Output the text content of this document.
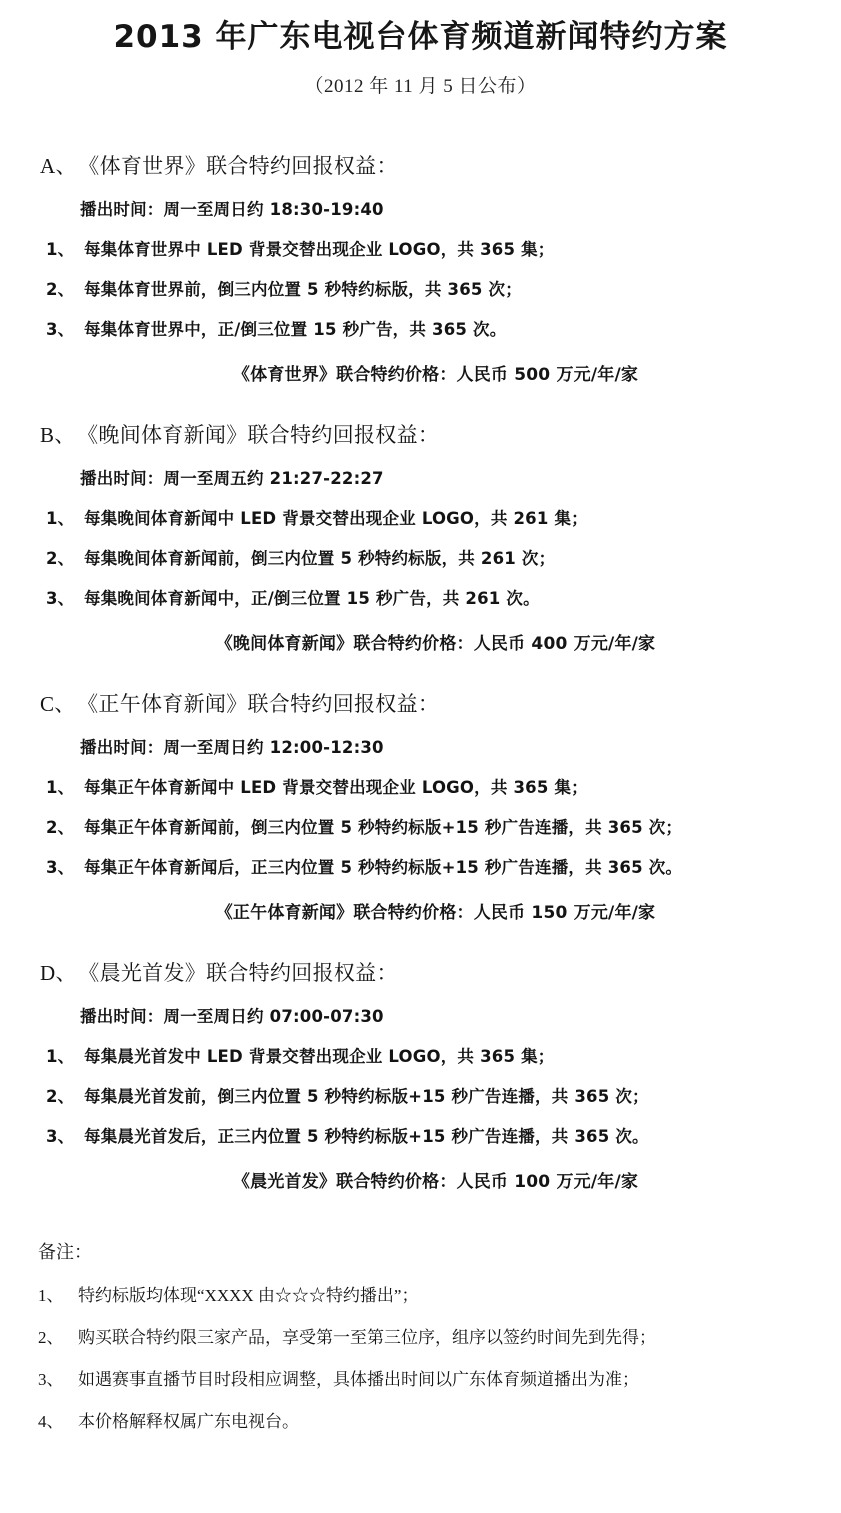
2013 年广东电视台体育频道新闻特约方案
（2012 年 11 月 5 日公布）
A、 《体育世界》联合特约回报权益：
播出时间：周一至周日约 18:30-19:40
1、 每集体育世界中 LED 背景交替出现企业 LOGO，共 365 集；
2、 每集体育世界前，倒三内位置 5 秒特约标版，共 365 次；
3、 每集体育世界中，正/倒三位置 15 秒广告，共 365 次。
《体育世界》联合特约价格：人民币 500 万元/年/家
B、 《晚间体育新闻》联合特约回报权益：
播出时间：周一至周五约 21:27-22:27
1、 每集晚间体育新闻中 LED 背景交替出现企业 LOGO，共 261 集；
2、 每集晚间体育新闻前，倒三内位置 5 秒特约标版，共 261 次；
3、 每集晚间体育新闻中，正/倒三位置 15 秒广告，共 261 次。
《晚间体育新闻》联合特约价格：人民币 400 万元/年/家
C、 《正午体育新闻》联合特约回报权益：
播出时间：周一至周日约 12:00-12:30
1、 每集正午体育新闻中 LED 背景交替出现企业 LOGO，共 365 集；
2、 每集正午体育新闻前，倒三内位置 5 秒特约标版+15 秒广告连播，共 365 次；
3、 每集正午体育新闻后，正三内位置 5 秒特约标版+15 秒广告连播，共 365 次。
《正午体育新闻》联合特约价格：人民币 150 万元/年/家
D、 《晨光首发》联合特约回报权益：
播出时间：周一至周日约 07:00-07:30
1、 每集晨光首发中 LED 背景交替出现企业 LOGO，共 365 集；
2、 每集晨光首发前，倒三内位置 5 秒特约标版+15 秒广告连播，共 365 次；
3、 每集晨光首发后，正三内位置 5 秒特约标版+15 秒广告连播，共 365 次。
《晨光首发》联合特约价格：人民币 100 万元/年/家
备注：
1、 特约标版均体现“XXXX 由☆☆☆特约播出”；
2、 购买联合特约限三家产品，享受第一至第三位序，组序以签约时间先到先得；
3、 如遇赛事直播节目时段相应调整，具体播出时间以广东体育频道播出为准；
4、 本价格解释权属广东电视台。
